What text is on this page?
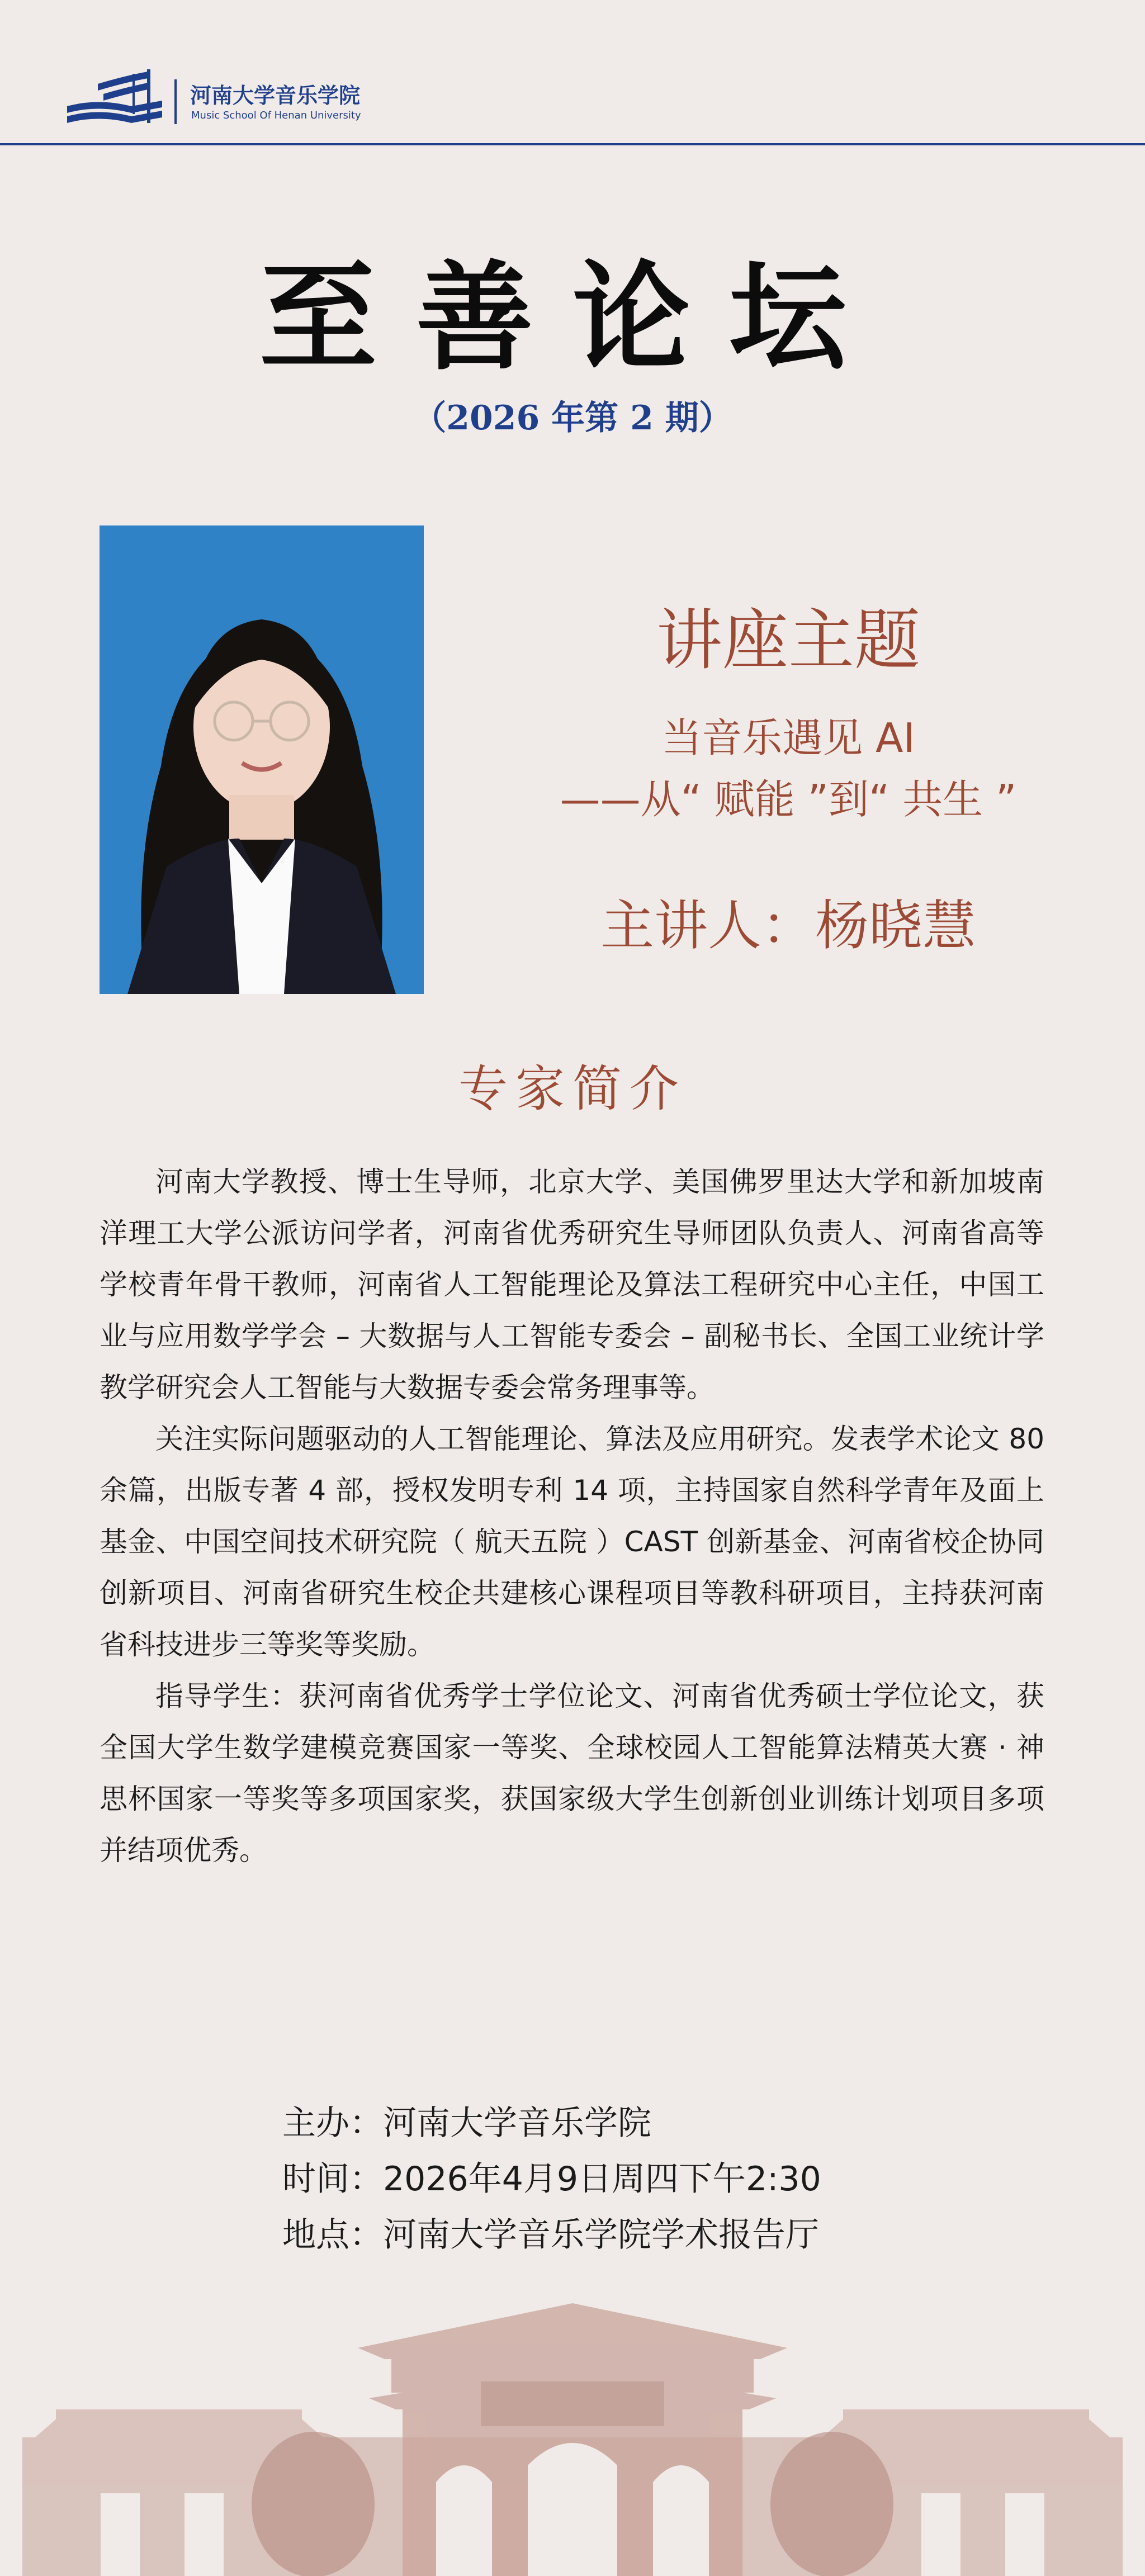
河南大学音乐学院
Music School Of Henan University
至善论坛
（2026 年第 2 期）
讲座主题
当音乐遇见 AI
——从“ 赋能 ”到“ 共生 ”
主讲人：杨晓慧
专家简介

河南大学教授、博士生导师，北京大学、美国佛罗里达大学和新加坡南洋理工大学公派访问学者，河南省优秀研究生导师团队负责人、河南省高等学校青年骨干教师，河南省人工智能理论及算法工程研究中心主任，中国工业与应用数学学会 – 大数据与人工智能专委会 – 副秘书长、全国工业统计学教学研究会人工智能与大数据专委会常务理事等。

关注实际问题驱动的人工智能理论、算法及应用研究。发表学术论文 80 余篇，出版专著 4 部，授权发明专利 14 项，主持国家自然科学青年及面上基金、中国空间技术研究院（ 航天五院 ）CAST 创新基金、河南省校企协同创新项目、河南省研究生校企共建核心课程项目等教科研项目，主持获河南省科技进步三等奖等奖励。

指导学生：获河南省优秀学士学位论文、河南省优秀硕士学位论文，获全国大学生数学建模竞赛国家一等奖、全球校园人工智能算法精英大赛 · 神思杯国家一等奖等多项国家奖，获国家级大学生创新创业训练计划项目多项并结项优秀。

主办：河南大学音乐学院
时间：2026年4月9日周四下午2:30
地点：河南大学音乐学院学术报告厅
